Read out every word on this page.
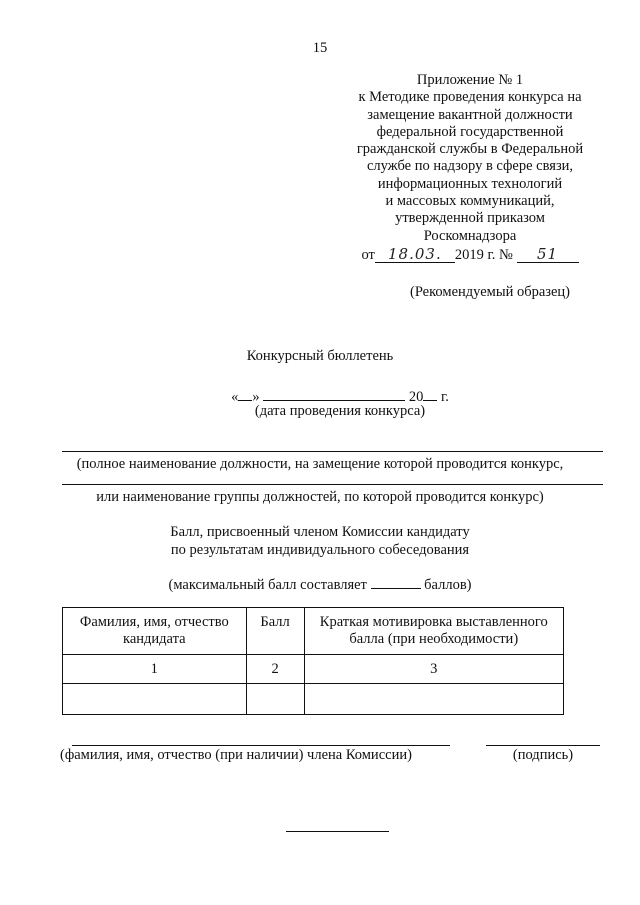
15
Приложение № 1
к Методике проведения конкурса на
замещение вакантной должности
федеральной государственной
гражданской службы в Федеральной
службе по надзору в сфере связи,
информационных технологий
и массовых коммуникаций,
утвержденной приказом
Роскомнадзора
от 18.03. 2019 г. № 51
(Рекомендуемый образец)
Конкурсный бюллетень
« »	20 г.
(дата проведения конкурса)
(полное наименование должности, на замещение которой проводится конкурс,
или наименование группы должностей, по которой проводится конкурс)
Балл, присвоенный членом Комиссии кандидату
по результатам индивидуального собеседования
(максимальный балл составляет	баллов)
Фамилия, имя, отчество кандидата	Балл	Краткая мотивировка выставленного балла (при необходимости)
1	2	3

(фамилия, имя, отчество (при наличии) члена Комиссии)	(подпись)
